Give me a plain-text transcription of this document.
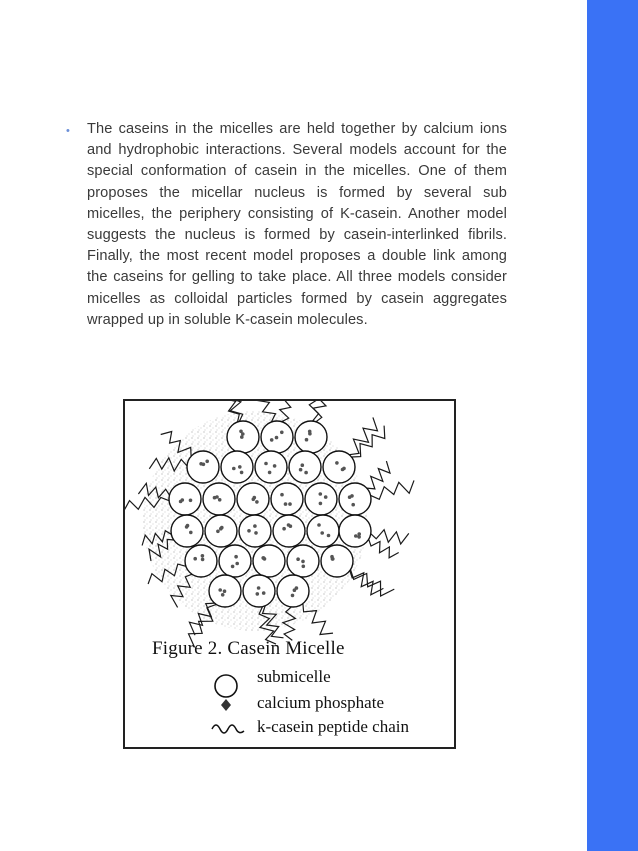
• The caseins in the micelles are held together by calcium ions and hydrophobic interactions. Several models account for the special conformation of casein in the micelles. One of them proposes the micellar nucleus is formed by several sub micelles, the periphery consisting of K-casein. Another model suggests the nucleus is formed by casein-interlinked fibrils. Finally, the most recent model proposes a double link among the caseins for gelling to take place. All three models consider micelles as colloidal particles formed by casein aggregates wrapped up in soluble K-casein molecules.
Figure 2. Casein Micelle
submicelle
calcium phosphate
k-casein peptide chain
